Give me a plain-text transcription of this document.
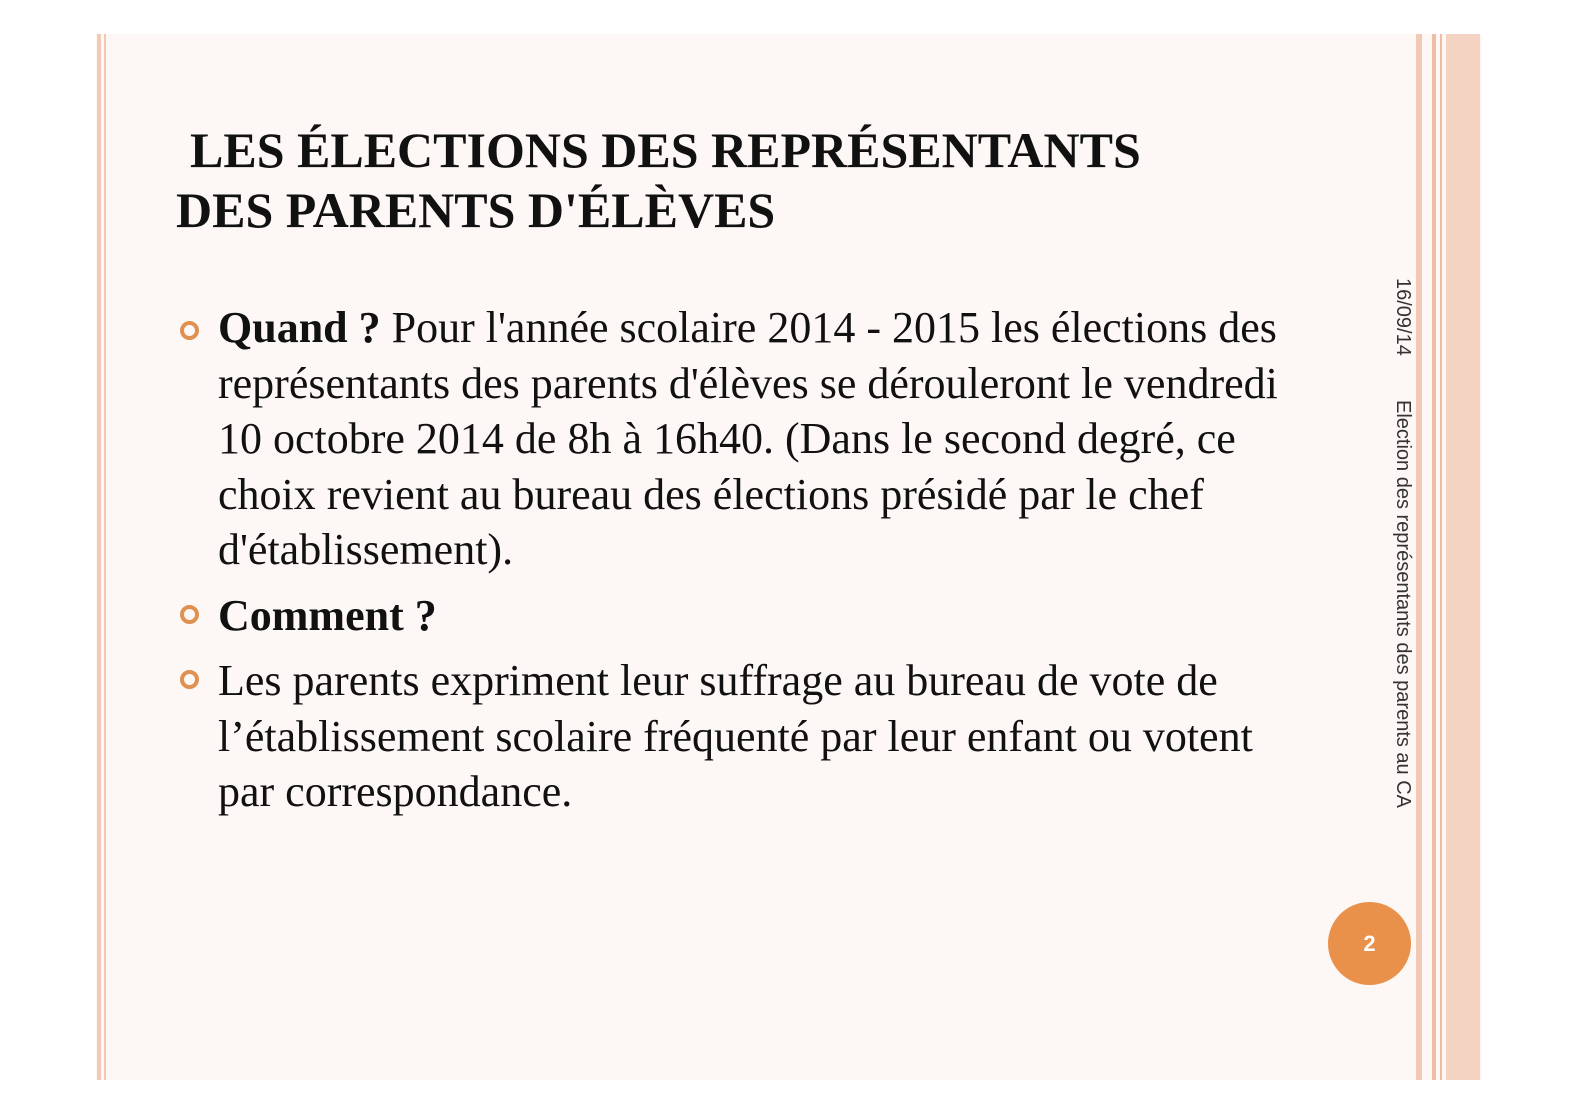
LES ÉLECTIONS DES REPRÉSENTANTS
DES PARENTS D'ÉLÈVES
Quand ? Pour l'année scolaire 2014 - 2015 les élections des représentants des parents d'élèves se dérouleront le vendredi 10 octobre 2014 de 8h à 16h40. (Dans le second degré, ce choix revient au bureau des élections présidé par le chef d'établissement).
Comment ?
Les parents expriment leur suffrage au bureau de vote de l’établissement scolaire fréquenté par leur enfant ou votent par correspondance.
16/09/14
Election des représentants des parents au CA
2
